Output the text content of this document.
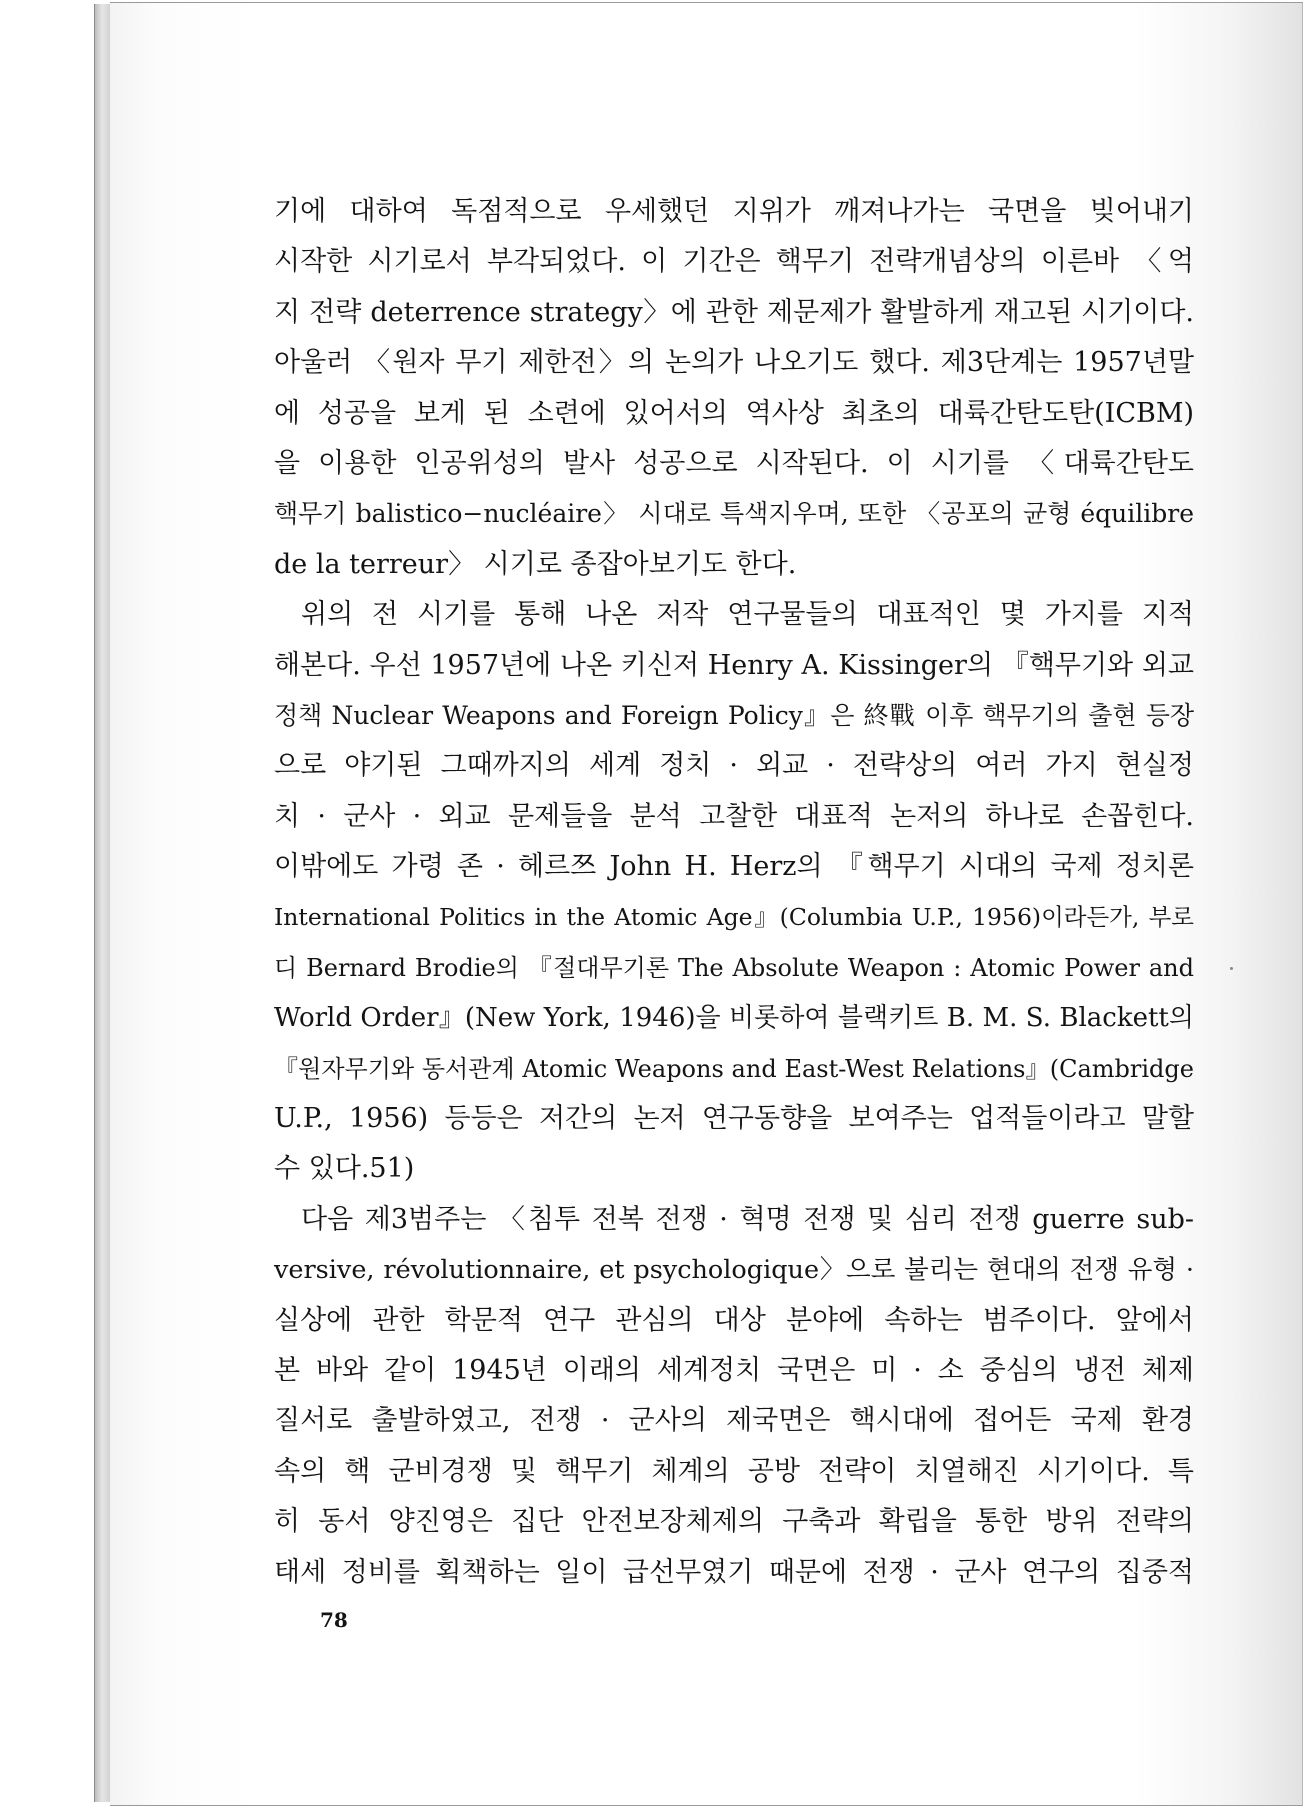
기에 대하여 독점적으로 우세했던 지위가 깨져나가는 국면을 빚어내기
시작한 시기로서 부각되었다. 이 기간은 핵무기 전략개념상의 이른바 〈억
지 전략 deterrence strategy〉에 관한 제문제가 활발하게 재고된 시기이다.
아울러 〈원자 무기 제한전〉의 논의가 나오기도 했다. 제3단계는 1957년말
에 성공을 보게 된 소련에 있어서의 역사상 최초의 대륙간탄도탄(ICBM)
을 이용한 인공위성의 발사 성공으로 시작된다. 이 시기를 〈대륙간탄도
핵무기 balistico−nucléaire〉 시대로 특색지우며, 또한 〈공포의 균형 équilibre
de la terreur〉 시기로 종잡아보기도 한다.
위의 전 시기를 통해 나온 저작 연구물들의 대표적인 몇 가지를 지적
해본다. 우선 1957년에 나온 키신저 Henry A. Kissinger의 『핵무기와 외교
정책 Nuclear Weapons and Foreign Policy』은 終戰 이후 핵무기의 출현 등장
으로 야기된 그때까지의 세계 정치 · 외교 · 전략상의 여러 가지 현실정
치 · 군사 · 외교 문제들을 분석 고찰한 대표적 논저의 하나로 손꼽힌다.
이밖에도 가령 존 · 헤르쯔 John H. Herz의 『핵무기 시대의 국제 정치론
International Politics in the Atomic Age』(Columbia U.P., 1956)이라든가, 부로
디 Bernard Brodie의 『절대무기론 The Absolute Weapon : Atomic Power and
World Order』(New York, 1946)을 비롯하여 블랙키트 B. M. S. Blackett의
『원자무기와 동서관계 Atomic Weapons and East-West Relations』(Cambridge
U.P., 1956) 등등은 저간의 논저 연구동향을 보여주는 업적들이라고 말할
수 있다.51)
다음 제3범주는 〈침투 전복 전쟁 · 혁명 전쟁 및 심리 전쟁 guerre sub-
versive, révolutionnaire, et psychologique〉으로 불리는 현대의 전쟁 유형 ·
실상에 관한 학문적 연구 관심의 대상 분야에 속하는 범주이다. 앞에서
본 바와 같이 1945년 이래의 세계정치 국면은 미 · 소 중심의 냉전 체제
질서로 출발하였고, 전쟁 · 군사의 제국면은 핵시대에 접어든 국제 환경
속의 핵 군비경쟁 및 핵무기 체계의 공방 전략이 치열해진 시기이다. 특
히 동서 양진영은 집단 안전보장체제의 구축과 확립을 통한 방위 전략의
태세 정비를 획책하는 일이 급선무였기 때문에 전쟁 · 군사 연구의 집중적
78
